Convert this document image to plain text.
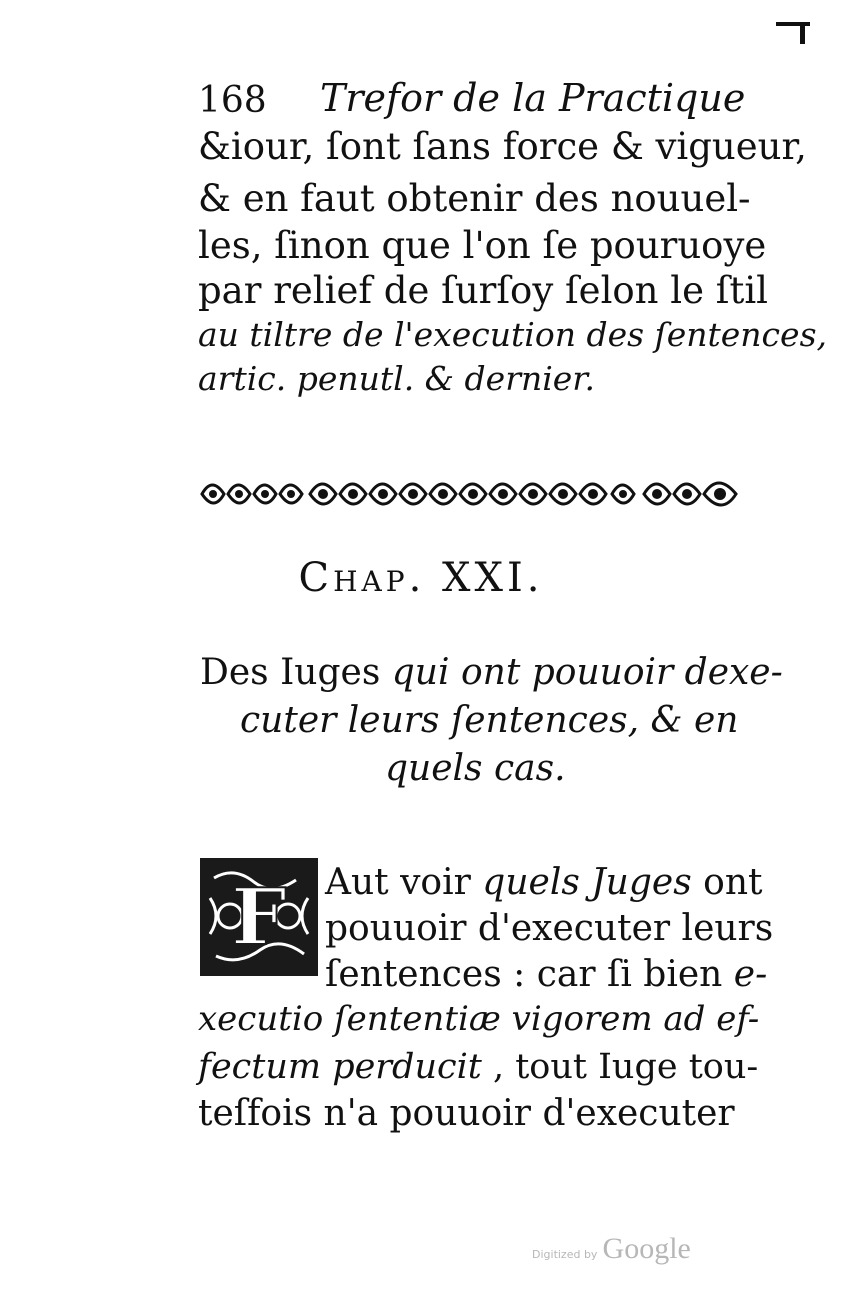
168 Trefor de la Practique
&iour, ſont ſans force & vigueur,
& en faut obtenir des nouuel-
les, ſinon que l'on ſe pouruoye
par relief de ſurſoy ſelon le ſtil
au tiltre de l'execution des ſentences,
artic. penutl. & dernier.
Chap. XXI.
Des Iuges qui ont pouuoir dexe-
cuter leurs ſentences, & en
quels cas.
F Aut voir quels Juges ont
pouuoir d'executer leurs
ſentences : car ſi bien e-
xecutio ſententiæ vigorem ad ef-
fectum perducit , tout Iuge tou-
teſfois n'a pouuoir d'executer
Digitized by Google
